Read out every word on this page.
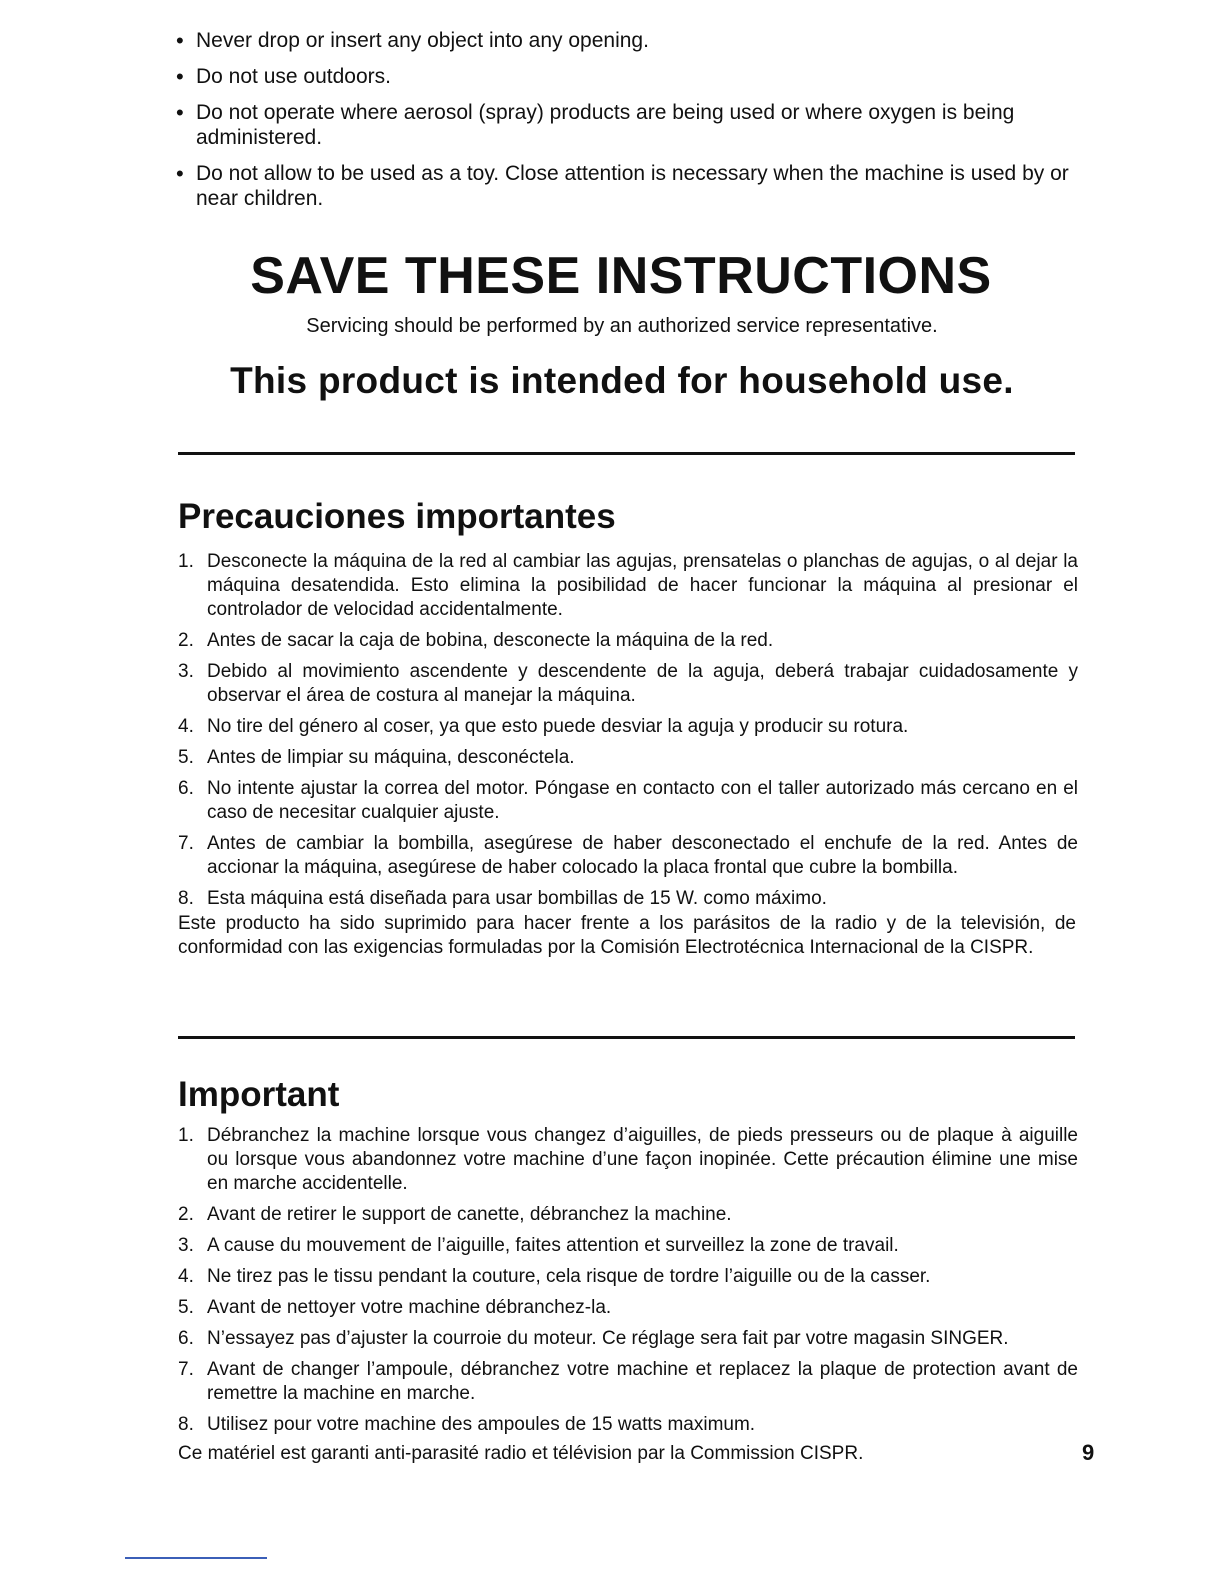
• Never drop or insert any object into any opening.
• Do not use outdoors.
• Do not operate where aerosol (spray) products are being used or where oxygen is being administered.
• Do not allow to be used as a toy. Close attention is necessary when the machine is used by or near children.
SAVE THESE INSTRUCTIONS
Servicing should be performed by an authorized service representative.
This product is intended for household use.
Precauciones importantes
1. Desconecte la máquina de la red al cambiar las agujas, prensatelas o planchas de agujas, o al dejar la máquina desatendida. Esto elimina la posibilidad de hacer funcionar la máquina al presionar el controlador de velocidad accidentalmente.
2. Antes de sacar la caja de bobina, desconecte la máquina de la red.
3. Debido al movimiento ascendente y descendente de la aguja, deberá trabajar cuidadosamente y observar el área de costura al manejar la máquina.
4. No tire del género al coser, ya que esto puede desviar la aguja y producir su rotura.
5. Antes de limpiar su máquina, desconéctela.
6. No intente ajustar la correa del motor. Póngase en contacto con el taller autorizado más cercano en el caso de necesitar cualquier ajuste.
7. Antes de cambiar la bombilla, asegúrese de haber desconectado el enchufe de la red. Antes de accionar la máquina, asegúrese de haber colocado la placa frontal que cubre la bombilla.
8. Esta máquina está diseñada para usar bombillas de 15 W. como máximo.

Este producto ha sido suprimido para hacer frente a los parásitos de la radio y de la televisión, de conformidad con las exigencias formuladas por la Comisión Electrotécnica Internacional de la CISPR.

Important
1. Débranchez la machine lorsque vous changez d’aiguilles, de pieds presseurs ou de plaque à aiguille ou lorsque vous abandonnez votre machine d’une façon inopinée. Cette précaution élimine une mise en marche accidentelle.
2. Avant de retirer le support de canette, débranchez la machine.
3. A cause du mouvement de l’aiguille, faites attention et surveillez la zone de travail.
4. Ne tirez pas le tissu pendant la couture, cela risque de tordre l’aiguille ou de la casser.
5. Avant de nettoyer votre machine débranchez-la.
6. N’essayez pas d’ajuster la courroie du moteur. Ce réglage sera fait par votre magasin SINGER.
7. Avant de changer l’ampoule, débranchez votre machine et replacez la plaque de protection avant de remettre la machine en marche.
8. Utilisez pour votre machine des ampoules de 15 watts maximum.

Ce matériel est garanti anti-parasité radio et télévision par la Commission CISPR.	9
